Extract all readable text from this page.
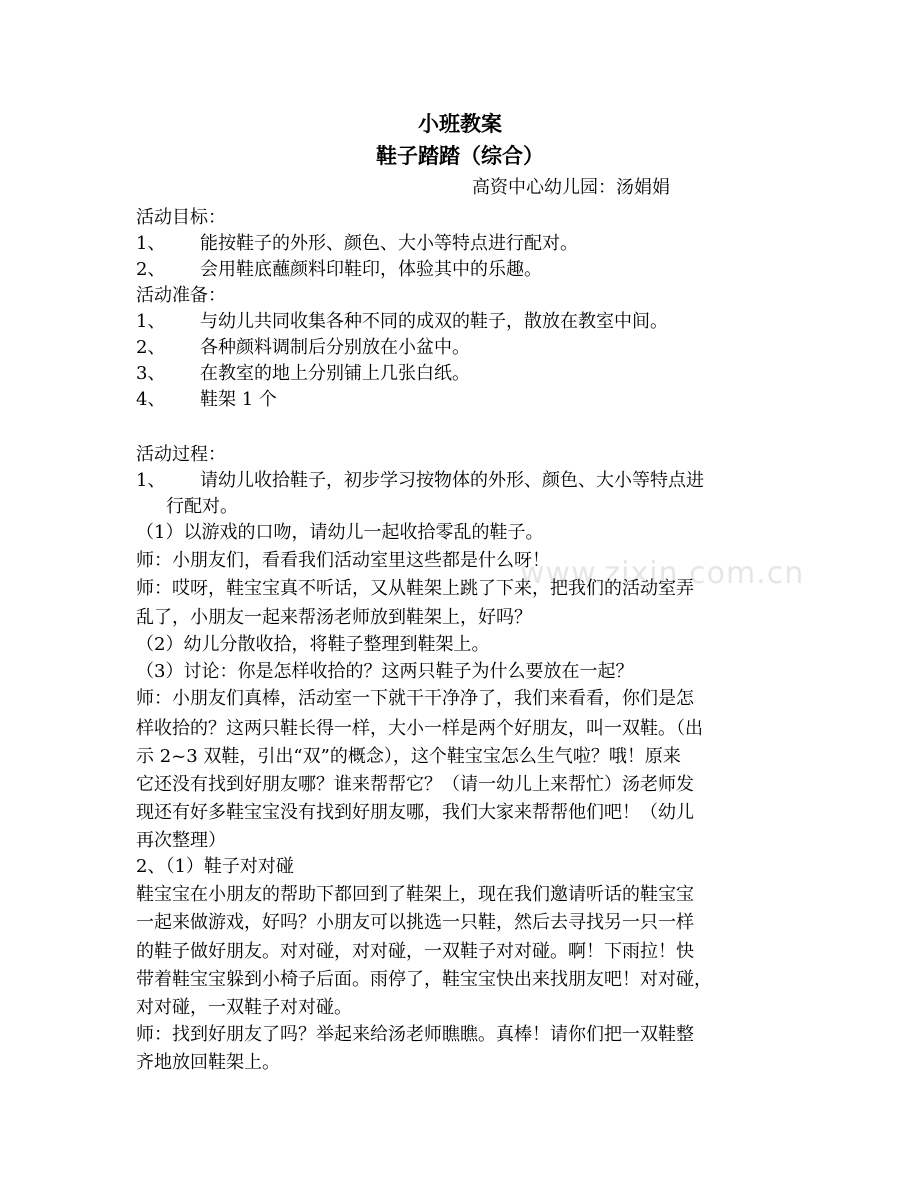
www.zixin.com.cn
小班教案
鞋子踏踏（综合）
高资中心幼儿园：汤娟娟
活动目标：
1、 能按鞋子的外形、颜色、大小等特点进行配对。
2、 会用鞋底蘸颜料印鞋印，体验其中的乐趣。
活动准备：
1、 与幼儿共同收集各种不同的成双的鞋子，散放在教室中间。
2、 各种颜料调制后分别放在小盆中。
3、 在教室的地上分别铺上几张白纸。
4、 鞋架 1 个
活动过程：
1、 请幼儿收拾鞋子，初步学习按物体的外形、颜色、大小等特点进
行配对。
（1）以游戏的口吻，请幼儿一起收拾零乱的鞋子。
师：小朋友们，看看我们活动室里这些都是什么呀！
师：哎呀，鞋宝宝真不听话，又从鞋架上跳了下来，把我们的活动室弄
乱了，小朋友一起来帮汤老师放到鞋架上，好吗？
（2）幼儿分散收拾，将鞋子整理到鞋架上。
（3）讨论：你是怎样收拾的？这两只鞋子为什么要放在一起？
师：小朋友们真棒，活动室一下就干干净净了，我们来看看，你们是怎
样收拾的？这两只鞋长得一样，大小一样是两个好朋友，叫一双鞋。（出
示 2~3 双鞋，引出“双”的概念），这个鞋宝宝怎么生气啦？哦！原来
它还没有找到好朋友哪？谁来帮帮它？（请一幼儿上来帮忙）汤老师发
现还有好多鞋宝宝没有找到好朋友哪，我们大家来帮帮他们吧！（幼儿
再次整理）
2、（1）鞋子对对碰
鞋宝宝在小朋友的帮助下都回到了鞋架上，现在我们邀请听话的鞋宝宝
一起来做游戏，好吗？小朋友可以挑选一只鞋，然后去寻找另一只一样
的鞋子做好朋友。对对碰，对对碰，一双鞋子对对碰。啊！下雨拉！快
带着鞋宝宝躲到小椅子后面。雨停了，鞋宝宝快出来找朋友吧！对对碰，
对对碰，一双鞋子对对碰。
师：找到好朋友了吗？举起来给汤老师瞧瞧。真棒！请你们把一双鞋整
齐地放回鞋架上。
